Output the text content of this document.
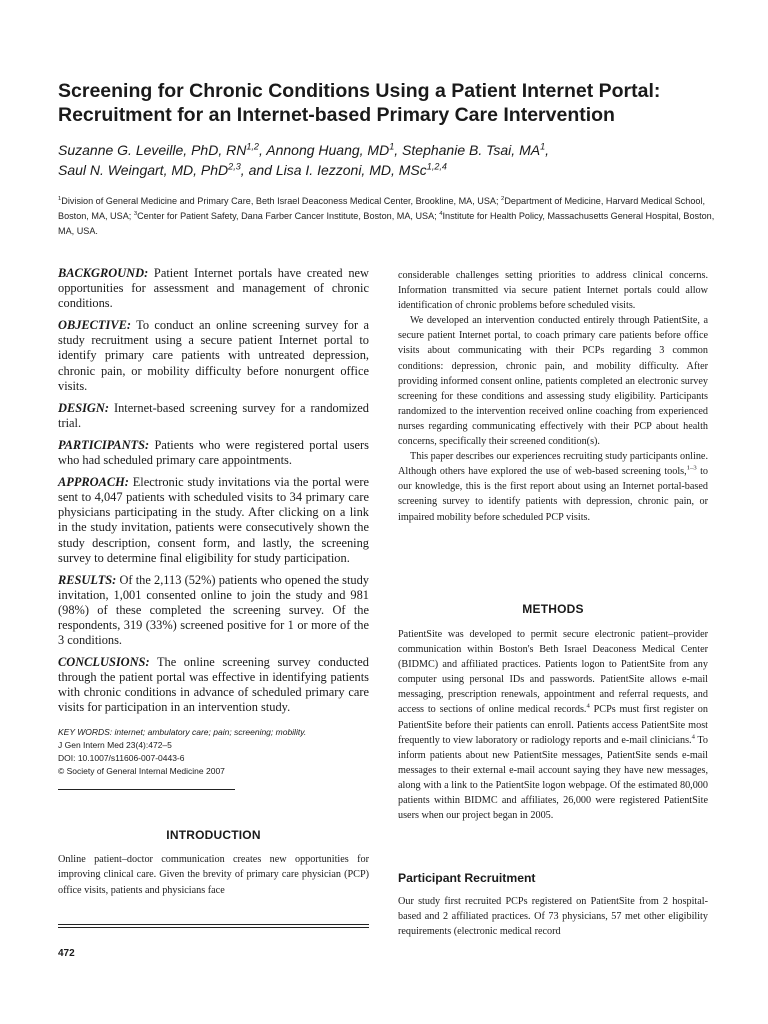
Screening for Chronic Conditions Using a Patient Internet Portal:
Recruitment for an Internet-based Primary Care Intervention
Suzanne G. Leveille, PhD, RN$^{1,2}$, Annong Huang, $MD^1$, Stephanie B. Tsai, $MA^1$,
Saul N. Weingart, MD, PhD$^{2,3}$, and Lisa I. Iezzoni, MD, MSc$^{1,2,4}$
$^1$Division of General Medicine and Primary Care, Beth Israel Deaconess Medical Center, Brookline, MA, USA; $^2$Department of Medicine, Harvard Medical School, Boston, MA, USA; $^3$Center for Patient Safety, Dana Farber Cancer Institute, Boston, MA, USA; $^4$Institute for Health Policy, Massachusetts General Hospital, Boston, MA, USA.

BACKGROUND: Patient Internet portals have created new opportunities for assessment and management of chronic conditions.

OBJECTIVE: To conduct an online screening survey for a study recruitment using a secure patient Internet portal to identify primary care patients with untreated depression, chronic pain, or mobility difficulty before nonurgent office visits.

DESIGN: Internet-based screening survey for a randomized trial.

PARTICIPANTS: Patients who were registered portal users who had scheduled primary care appointments.

APPROACH: Electronic study invitations via the portal were sent to 4,047 patients with scheduled visits to 34 primary care physicians participating in the study. After clicking on a link in the study invitation, patients were consecutively shown the study description, consent form, and lastly, the screening survey to determine final eligibility for study participation.

RESULTS: Of the 2,113 (52%) patients who opened the study invitation, 1,001 consented online to join the study and 981 (98%) of these completed the screening survey. Of the respondents, 319 (33%) screened positive for 1 or more of the 3 conditions.

CONCLUSIONS: The online screening survey conducted through the patient portal was effective in identifying patients with chronic conditions in advance of scheduled primary care visits for participation in an intervention study.

KEY WORDS: internet; ambulatory care; pain; screening; mobility.
J Gen Intern Med 23(4):472–5
DOI: 10.1007/s11606-007-0443-6
© Society of General Internal Medicine 2007
INTRODUCTION
Online patient–doctor communication creates new opportunities for improving clinical care. Given the brevity of primary care physician (PCP) office visits, patients and physicians face
472

considerable challenges setting priorities to address clinical concerns. Information transmitted via secure patient Internet portals could allow identification of chronic problems before scheduled visits.

We developed an intervention conducted entirely through PatientSite, a secure patient Internet portal, to coach primary care patients before office visits about communicating with their PCPs regarding 3 common conditions: depression, chronic pain, and mobility difficulty. After providing informed consent online, patients completed an electronic survey screening for these conditions and assessing study eligibility. Participants randomized to the intervention received online coaching from experienced nurses regarding communicating effectively with their PCP about health concerns, specifically their screened condition(s).

This paper describes our experiences recruiting study participants online. Although others have explored the use of web-based screening tools,$^{1-3}$ to our knowledge, this is the first report about using an Internet portal-based screening survey to identify patients with depression, chronic pain, or impaired mobility before scheduled PCP visits.

METHODS
PatientSite was developed to permit secure electronic patient–provider communication within Boston's Beth Israel Deaconess Medical Center (BIDMC) and affiliated practices. Patients logon to PatientSite from any computer using personal IDs and passwords. PatientSite allows e-mail messaging, prescription renewals, appointment and referral requests, and access to sections of online medical records.$^4$ PCPs must first register on PatientSite before their patients can enroll. Patients access PatientSite most frequently to view laboratory or radiology reports and e-mail clinicians.$^4$ To inform patients about new PatientSite messages, PatientSite sends e-mail messages to their external e-mail account saying they have new messages, along with a link to the PatientSite logon webpage. Of the estimated 80,000 patients within BIDMC and affiliates, 26,000 were registered PatientSite users when our project began in 2005.
Participant Recruitment
Our study first recruited PCPs registered on PatientSite from 2 hospital-based and 2 affiliated practices. Of 73 physicians, 57 met other eligibility requirements (electronic medical record
